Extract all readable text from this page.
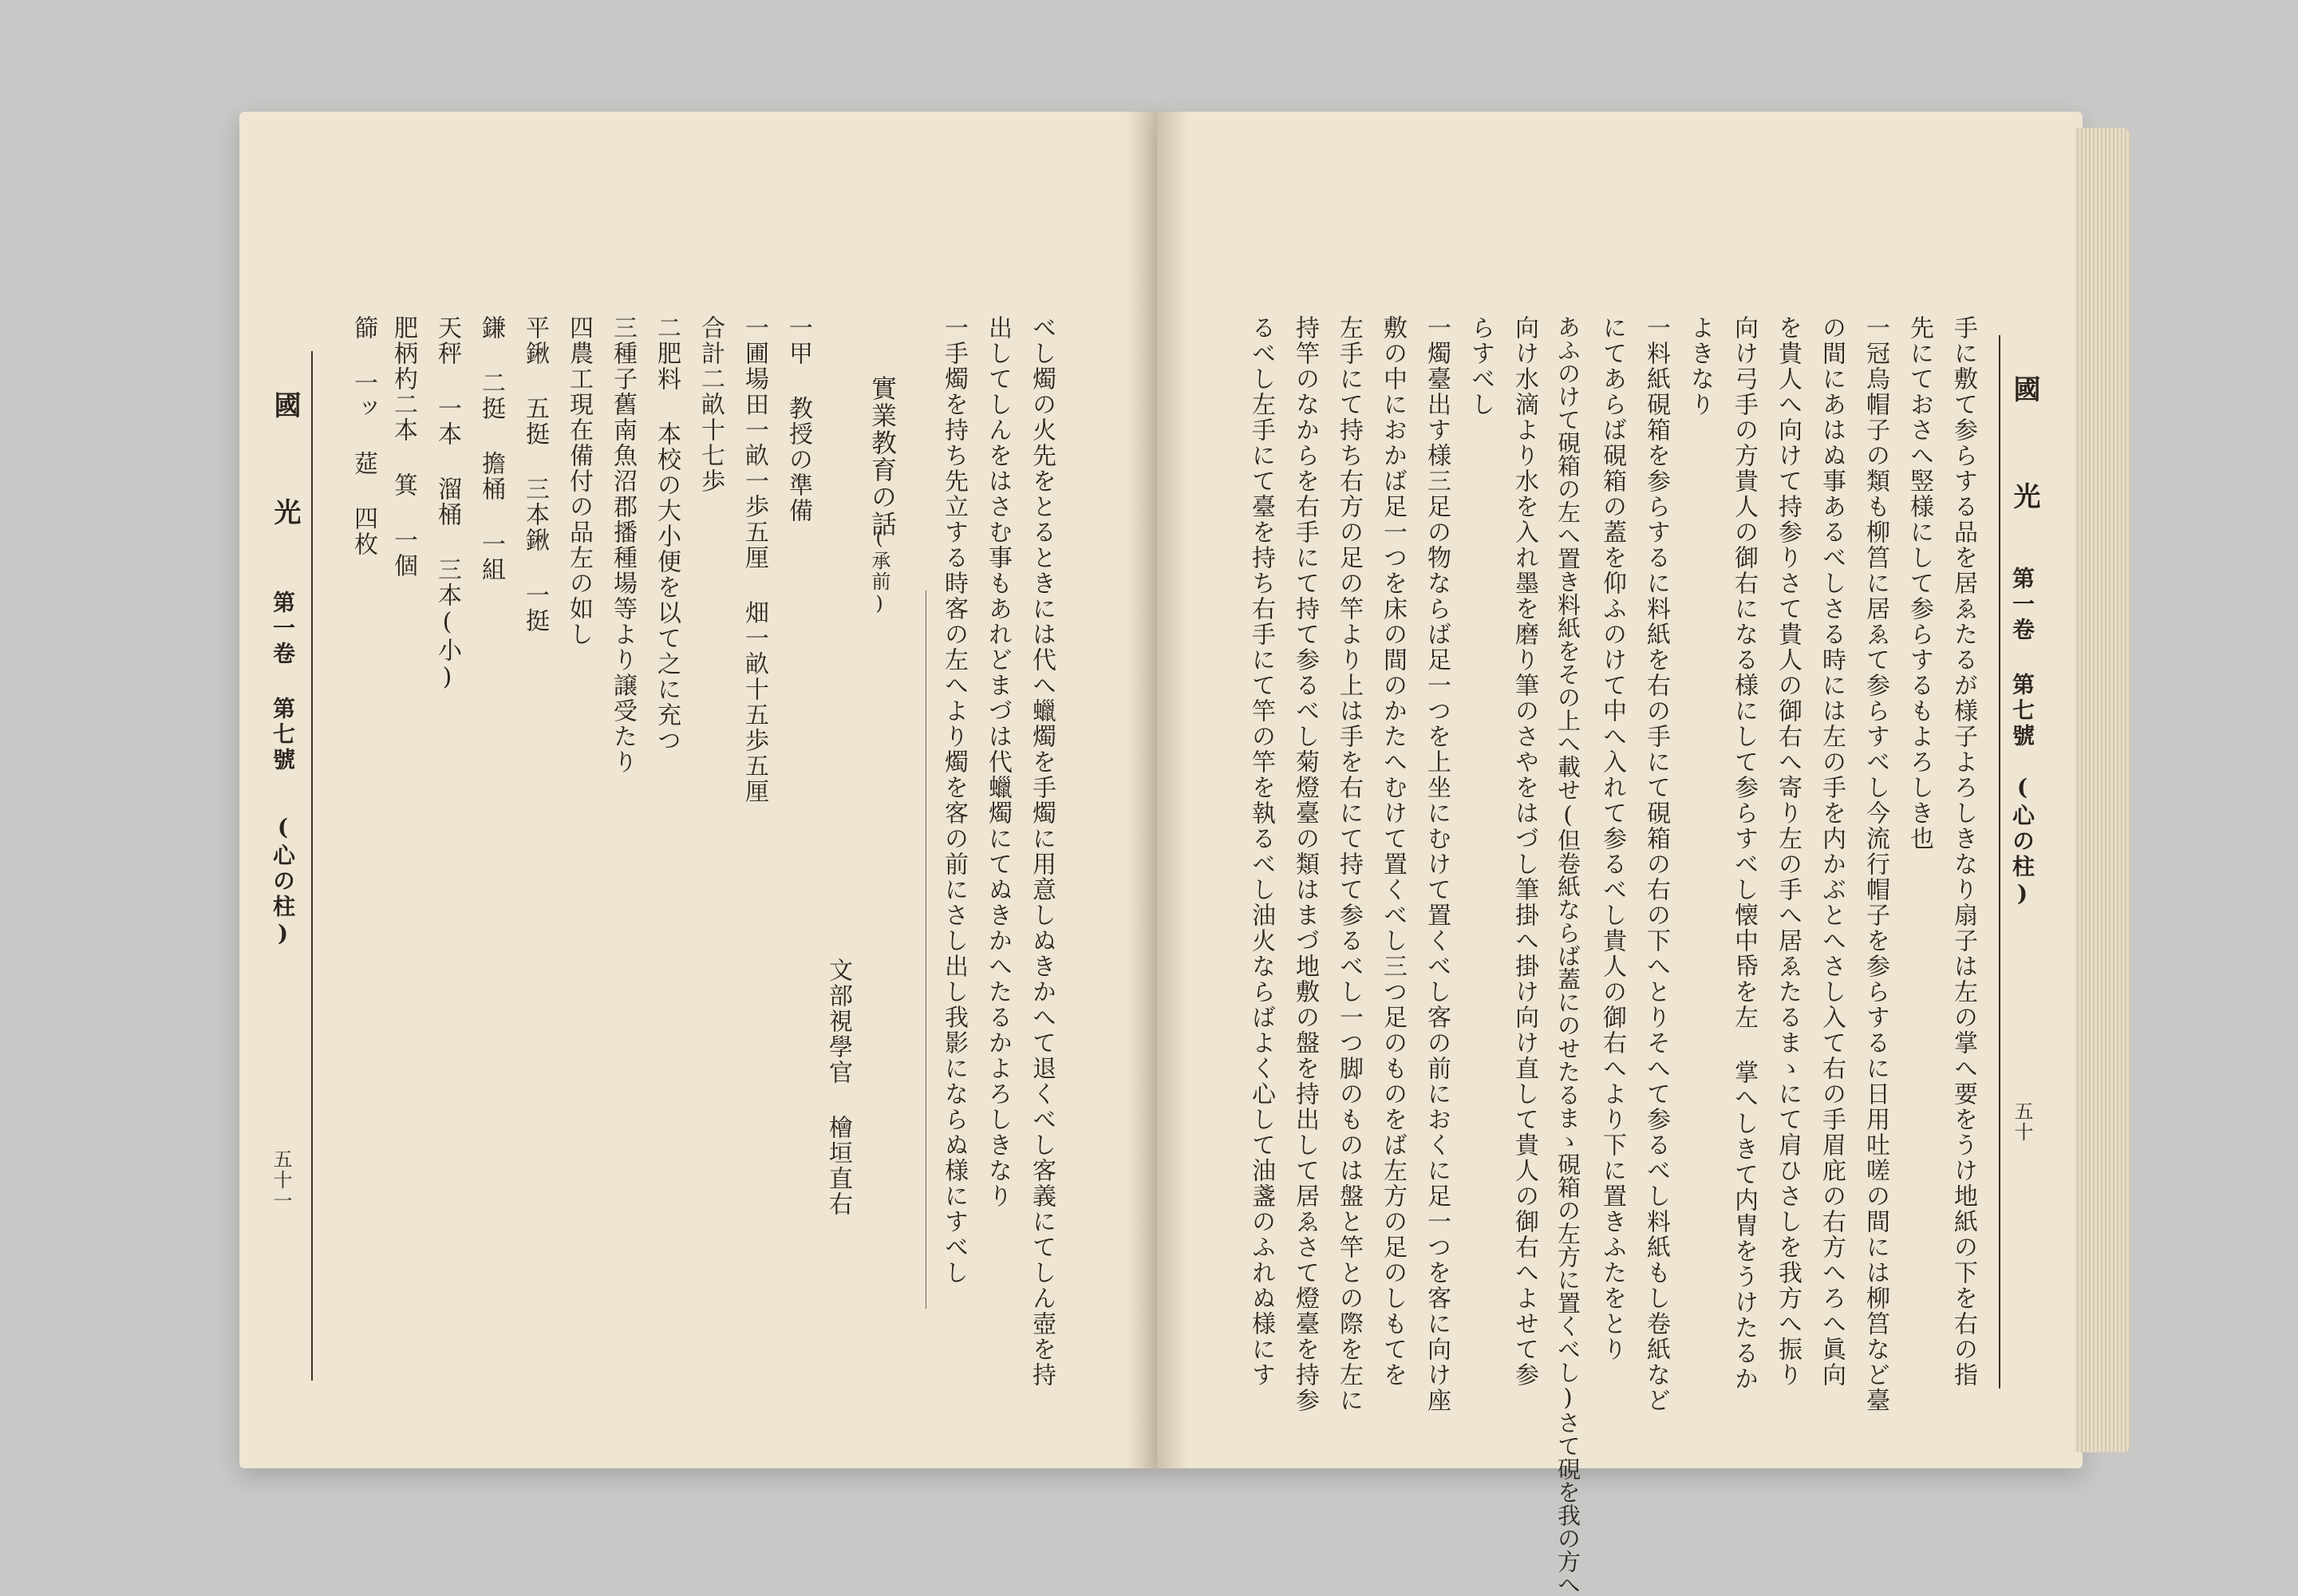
國 光
第一卷 第七號
(心の柱)
五十一	べし燭の火先をとるときには代へ蠟燭を手燭に用意しぬきかへて退くべし客義にてしん壺を持
出してしんをはさむ事もあれどまづは代蠟燭にてぬきかへたるかよろしきなり
一手燭を持ち先立する時客の左へより燭を客の前にさし出し我影にならぬ様にすべし
實業教育の話
(承前)
文部視學官 檜垣直右
一甲 教授の準備
一圃場田一畝一歩五厘 畑一畝十五歩五厘
合計二畝十七歩
二肥料 本校の大小便を以て之に充つ
三種子舊南魚沼郡播種場等より譲受たり
四農工現在備付の品左の如し
平鍬 五挺 三本鍬 一挺
鎌 二挺 擔桶 一組
天秤 一本 溜桶 三本(小)
肥柄杓二本 箕 一個
篩 一ッ 莚 四枚	國 光
第一卷 第七號
(心の柱)
五十
手に敷て参らする品を居ゑたるが様子よろしきなり扇子は左の掌へ要をうけ地紙の下を右の指
先にておさへ竪様にして参らするもよろしき也
一冠烏帽子の類も柳筥に居ゑて参らすべし今流行帽子を参らするに日用吐嗟の間には柳筥など臺
の間にあはぬ事あるべしさる時には左の手を内かぶとへさし入て右の手眉庇の右方へろへ眞向
を貴人へ向けて持参りさて貴人の御右へ寄り左の手へ居ゑたるまゝにて肩ひさしを我方へ振り
向け弓手の方貴人の御右になる様にして参らすべし懐中帋を左 掌へしきて内冑をうけたるか
よきなり
一料紙硯箱を参らするに料紙を右の手にて硯箱の右の下へとりそへて参るべし料紙もし卷紙など
にてあらば硯箱の蓋を仰ふのけて中へ入れて参るべし貴人の御右へより下に置きふたをとり
あふのけて硯箱の左へ置き料紙をその上へ載せ(但卷紙ならば蓋にのせたるまゝ硯箱の左方に置くべし)さて硯を我の方へ
向け水滴より水を入れ墨を磨り筆のさやをはづし筆掛へ掛け向け直して貴人の御右へよせて参
らすべし
一燭臺出す様三足の物ならば足一つを上坐にむけて置くべし客の前におくに足一つを客に向け座
敷の中におかば足一つを床の間のかたへむけて置くべし三つ足のものをば左方の足のしもてを
左手にて持ち右方の足の竿より上は手を右にて持て参るべし一つ脚のものは盤と竿との際を左に
持竿のなからを右手にて持て参るべし菊燈臺の類はまづ地敷の盤を持出して居ゑさて燈臺を持参
るべし左手にて臺を持ち右手にて竿の竿を執るべし油火ならばよく心して油盞のふれぬ様にす
